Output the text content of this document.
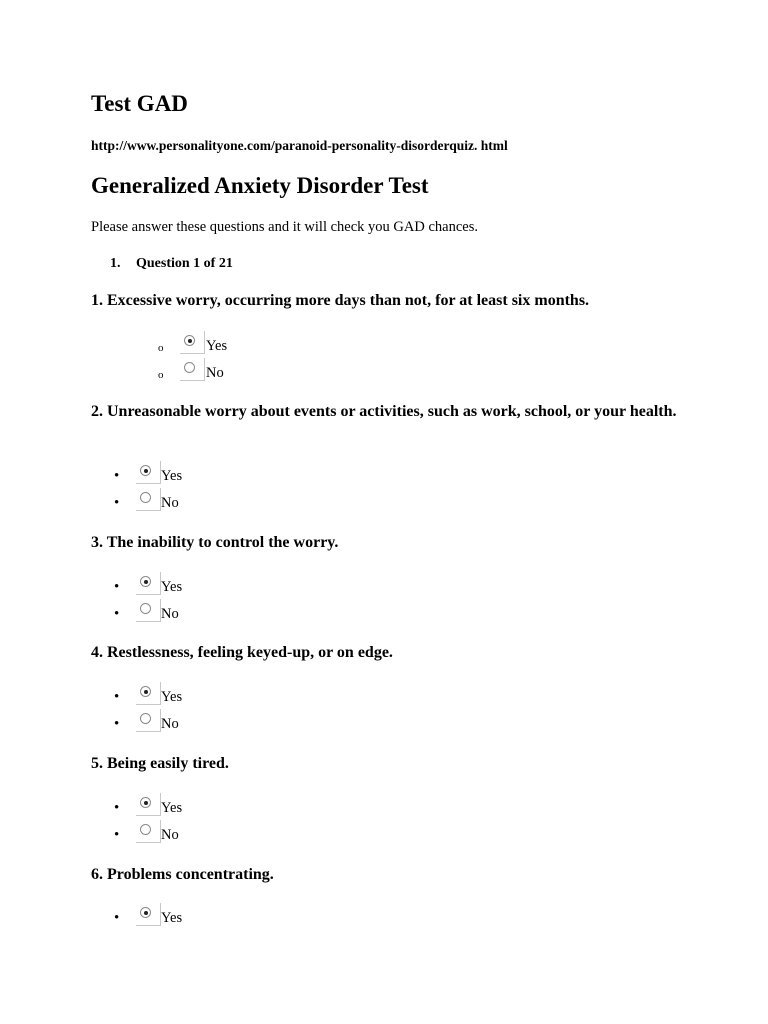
Test GAD
http://www.personalityone.com/paranoid-personality-disorderquiz. html
Generalized Anxiety Disorder Test
Please answer these questions and it will check you GAD chances.
1. Question 1 of 21
1. Excessive worry, occurring more days than not, for at least six months.
o	Yes
o	No
2. Unreasonable worry about events or activities, such as work, school, or your health.
•	Yes
•	No
3. The inability to control the worry.
•	Yes
•	No
4. Restlessness, feeling keyed-up, or on edge.
•	Yes
•	No
5. Being easily tired.
•	Yes
•	No
6. Problems concentrating.
•	Yes
